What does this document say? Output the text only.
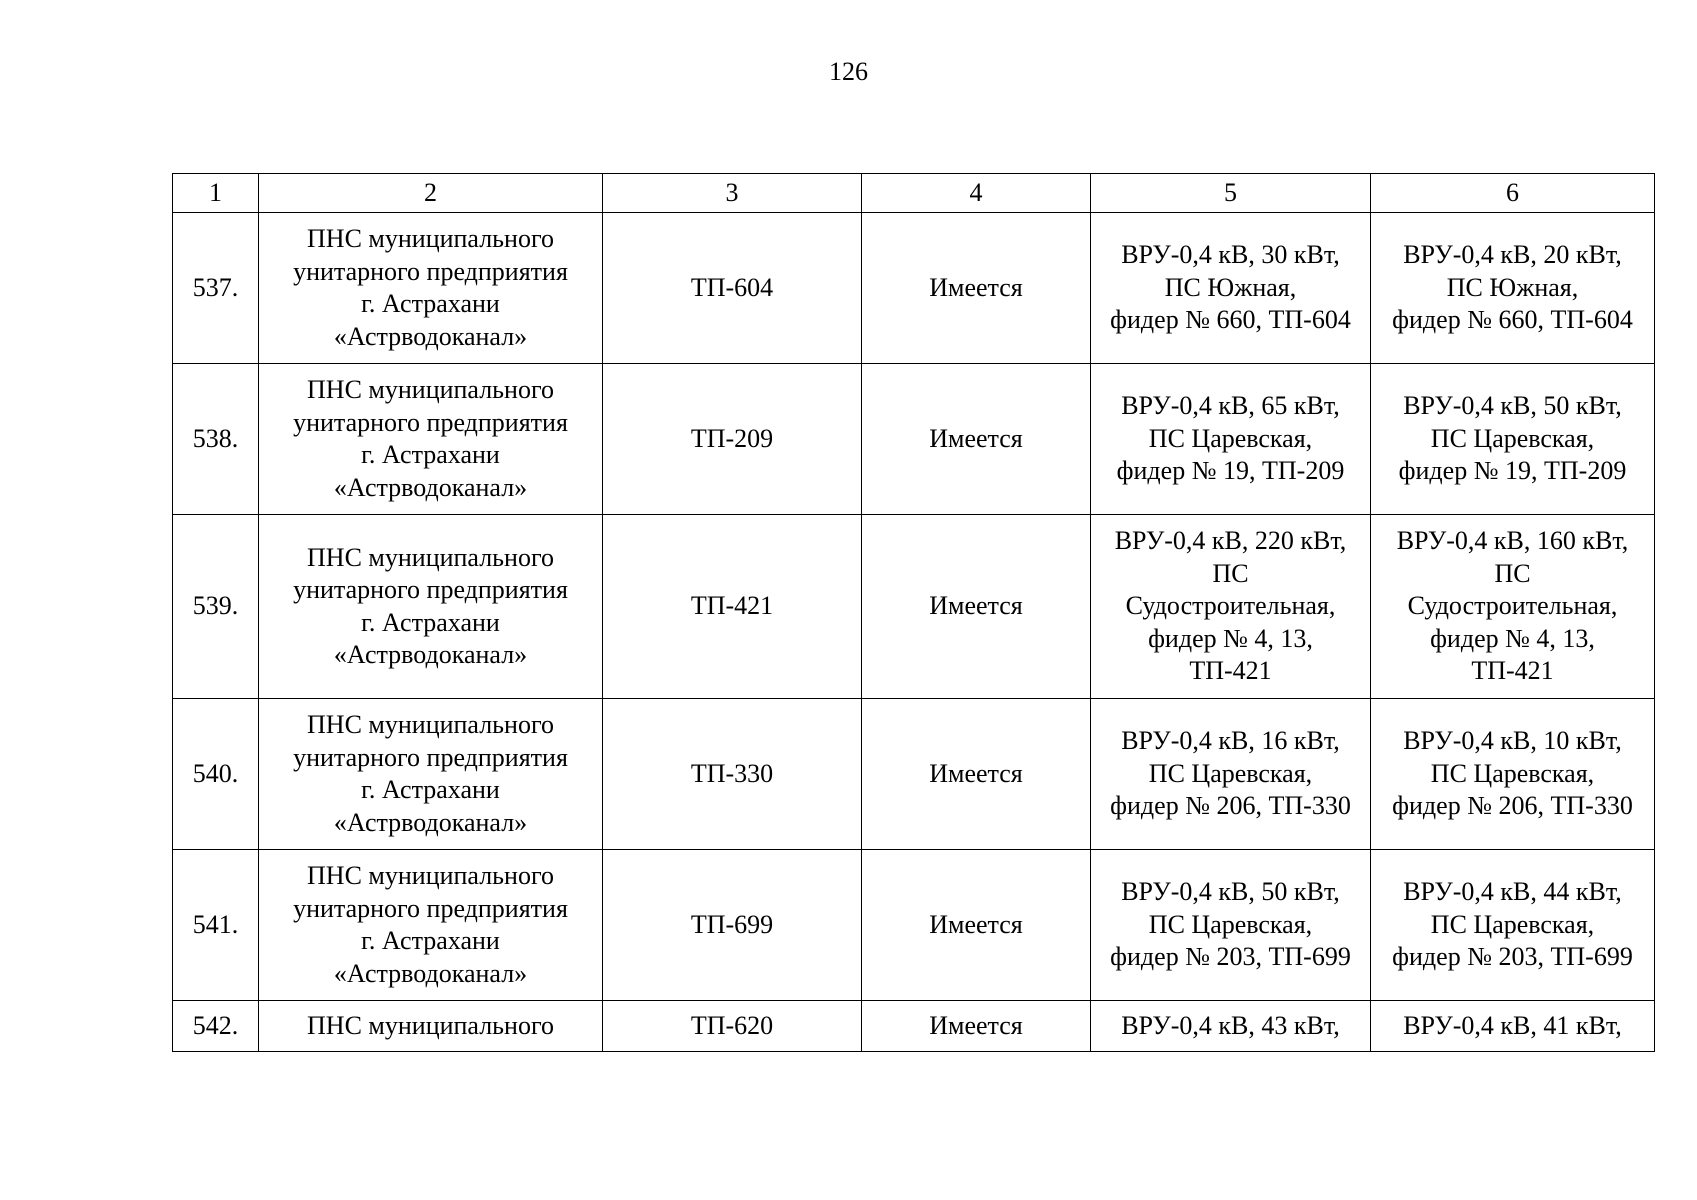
126
1	2	3	4	5	6
537.	ПНС муниципального
унитарного предприятия
г. Астрахани
«Астрводоканал»	ТП-604	Имеется	ВРУ-0,4 кВ, 30 кВт,
ПС Южная,
фидер № 660, ТП-604	ВРУ-0,4 кВ, 20 кВт,
ПС Южная,
фидер № 660, ТП-604

538.	ПНС муниципального
унитарного предприятия
г. Астрахани
«Астрводоканал»	ТП-209	Имеется	ВРУ-0,4 кВ, 65 кВт,
ПС Царевская,
фидер № 19, ТП-209	ВРУ-0,4 кВ, 50 кВт,
ПС Царевская,
фидер № 19, ТП-209

539.	ПНС муниципального
унитарного предприятия
г. Астрахани
«Астрводоканал»	ТП-421	Имеется	ВРУ-0,4 кВ, 220 кВт,
ПС
Судостроительная,
фидер № 4, 13,
ТП-421	ВРУ-0,4 кВ, 160 кВт,
ПС
Судостроительная,
фидер № 4, 13,
ТП-421

540.	ПНС муниципального
унитарного предприятия
г. Астрахани
«Астрводоканал»	ТП-330	Имеется	ВРУ-0,4 кВ, 16 кВт,
ПС Царевская,
фидер № 206, ТП-330	ВРУ-0,4 кВ, 10 кВт,
ПС Царевская,
фидер № 206, ТП-330

541.	ПНС муниципального
унитарного предприятия
г. Астрахани
«Астрводоканал»	ТП-699	Имеется	ВРУ-0,4 кВ, 50 кВт,
ПС Царевская,
фидер № 203, ТП-699	ВРУ-0,4 кВ, 44 кВт,
ПС Царевская,
фидер № 203, ТП-699

542.	ПНС муниципального	ТП-620	Имеется	ВРУ-0,4 кВ, 43 кВт,	ВРУ-0,4 кВ, 41 кВт,
